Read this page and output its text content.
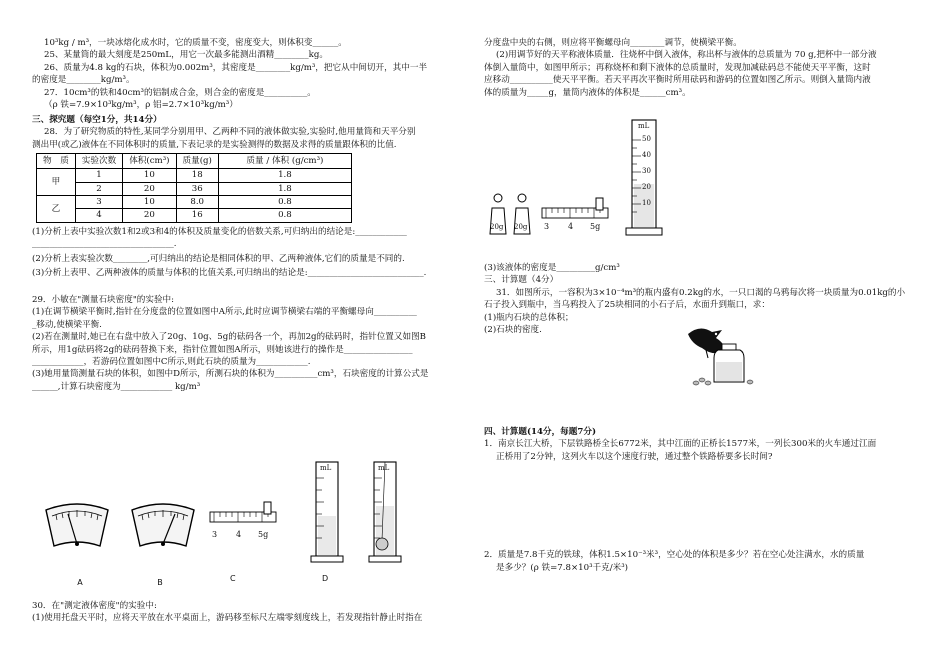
10³kg / m³，一块冰熔化成水时，它的质量不变，密度变大，则体积变______。
25、某量筒的最大刻度是250mL，用它一次最多能测出酒精________kg。
26、质量为4.8 kg的石块，体积为0.002m³，其密度是________kg/m³，把它从中间切开，其中一半
的密度是________kg/m³。
27．10cm³的铁和40cm³的铝制成合金，则合金的密度是__________。
（ρ 铁=7.9×10³kg/m³，ρ 铝=2.7×10³kg/m³）
三、探究题（每空1分，共14分）
28．为了研究物质的特性,某同学分别用甲、乙两种不同的液体做实验,实验时,他用量筒和天平分别
测出甲(或乙)液体在不同体积时的质量,下表记录的是实验测得的数据及求得的质量跟体积的比值.
物　质	实验次数	体积(cm³)	质量(g)	质量 / 体积 (g/cm³)
甲	1	10	18	1.8
	2	20	36	1.8
乙	3	10	8.0	0.8
	4	20	16	0.8
(1)分析上表中实验次数1和2或3和4的体积及质量变化的倍数关系,可归纳出的结论是:____________
_________________________________.
(2)分析上表实验次数________,可归纳出的结论是相同体积的甲、乙两种液体,它们的质量是不同的.
(3)分析上表甲、乙两种液体的质量与体积的比值关系,可归纳出的结论是:___________________________.
29．小敏在"测量石块密度"的实验中:
(1)在调节横梁平衡时,指针在分度盘的位置如图中A所示,此时应调节横梁右端的平衡螺母向__________
_移动,使横梁平衡.
(2)若在测量时,她已在右盘中放入了20g、10g、5g的砝码各一个，再加2g的砝码时，指针位置又如图B
所示，用1g砝码将2g的砝码替换下来，指针位置如图A所示，则她该进行的操作是________________
____________，若游码位置如图中C所示,则此石块的质量为____________.
(3)她用量筒测量石块的体积，如图中D所示，所测石块的体积为__________cm³，石块密度的计算公式是
______,计算石块密度为____________ kg/m³
A	B
3 4 5g
C
mL	mL
D
30．在"测定液体密度"的实验中:
(1)使用托盘天平时，应将天平放在水平桌面上，游码移至标尺左端零刻度线上，若发现指针静止时指在
分度盘中央的右侧，则应将平衡螺母向________调节，使横梁平衡。
(2)用调节好的天平称液体质量．往烧杯中倒入液体，称出杯与液体的总质量为 70 g,把杯中一部分液
体倒入量筒中，如图甲所示；再称烧杯和剩下液体的总质量时，发现加减砝码总不能使天平平衡，这时
应移动__________使天平平衡。若天平再次平衡时所用砝码和游码的位置如图乙所示。则倒入量筒内液
体的质量为_____g，量筒内液体的体积是______cm³。
20g 20g 3 4 5g
mL
50
40
30
20
10
(3)该液体的密度是_________g/cm³
三、计算题（4分）
31．如图所示，一容积为3×10⁻⁴m³的瓶内盛有0.2kg的水，一只口渴的乌鸦每次将一块质量为0.01kg的小
石子投入到瓶中，当乌鸦投入了25块相同的小石子后，水面升到瓶口，求：
(1)瓶内石块的总体积；
(2)石块的密度.
四、计算题(14分，每题7分)
1．南京长江大桥，下层铁路桥全长6772米，其中江面的正桥长1577米，一列长300米的火车通过江面
正桥用了2分钟，这列火车以这个速度行驶，通过整个铁路桥要多长时间?
2．质量是7.8千克的铁球，体积1.5×10⁻³米³，空心处的体积是多少？若在空心处注满水，水的质量
是多少？(ρ 铁=7.8×10³千克/米³)
